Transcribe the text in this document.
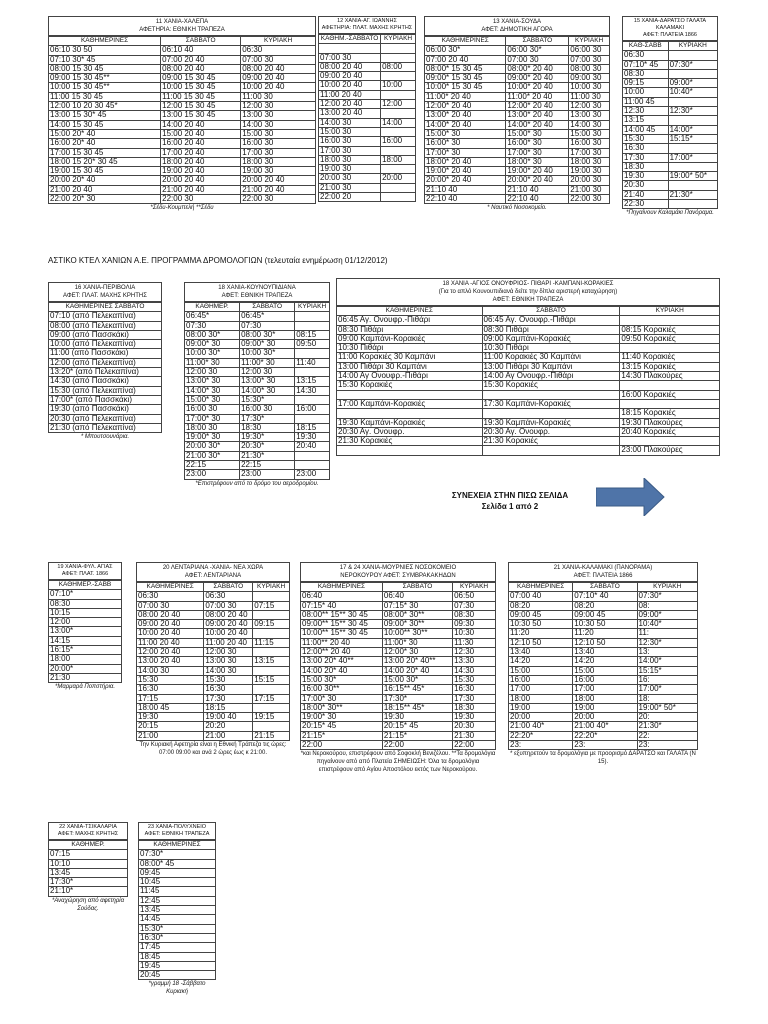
11 ΧΑΝΙΑ-ΧΑΛΕΠΑ
ΑΦΕΤΗΡΙΑ: ΕΘΝΙΚΗ ΤΡΑΠΕΖΑ
ΚΑΘΗΜΕΡΙΝΕΣ	ΣΑΒΒΑΤΟ	ΚΥΡΙΑΚΗ
06:10 30 50	06:10 40	06:30
07:10 30* 45	07:00 20 40	07:00 30
08:00 15 30 45	08:00 20 40	08:00 20 40
09:00 15 30 45**	09:00 15 30 45	09:00 20 40
10:00 15 30 45**	10:00 15 30 45	10:00 20 40
11:00 15 30 45	11:00 15 30 45	11:00 30
12:00 10 20 30 45*	12:00 15 30 45	12:00 30
13:00 15 30* 45	13:00 15 30 45	13:00 30
14:00 15 30 45	14:00 20 40	14:00 30
15:00 20* 40	15:00 20 40	15:00 30
16:00 20* 40	16:00 20 40	16:00 30
17:00 15 30 45	17:00 20 40	17:00 30
18:00 15 20* 30 45	18:00 20 40	18:00 30
19:00 15 30 45	19:00 20 40	19:00 30
20:00 20* 40	20:00 20 40	20:00 20 40
21:00 20 40	21:00 20 40	21:00 20 40
22:00 20* 30	22:00 30	22:00 30
*Σέδυ-Κουμπελή **Σέδυ
12 ΧΑΝΙΑ-ΑΓ. ΙΩΑΝΝΗΣ
ΑΦΕΤΗΡΙΑ: ΠΛΑΤ. ΜΑΧΗΣ ΚΡΗΤΗΣ
ΚΑΘΗΜ.-ΣΑΒΒΑΤΟ	ΚΥΡΙΑΚΗ

07:00 30	
08:00 20 40	08:00
09:00 20 40	
10:00 20 40	10:00
11:00 20 40	
12:00 20 40	12:00
13:00 20 40	
14:00 30	14:00
15:00 30	
16:00 30	16:00
17:00 30	
18:00 30	18:00
19:00 30	
20:00 30	20:00
21:00 30	
22:00 20	
13 ΧΑΝΙΑ-ΣΟΥΔΑ
ΑΦΕΤ: ΔΗΜΟΤΙΚΗ ΑΓΟΡΑ
ΚΑΘΗΜΕΡΙΝΕΣ	ΣΑΒΒΑΤΟ	ΚΥΡΙΑΚΗ
06:00 30*	06:00 30*	06:00 30
07:00 20 40	07:00 30	07:00 30
08:00* 15 30 45	08:00* 20 40	08:00 30
09:00* 15 30 45	09:00* 20 40	09:00 30
10:00* 15 30 45	10:00* 20 40	10:00 30
11:00* 20 40	11:00* 20 40	11:00 30
12:00* 20 40	12:00* 20 40	12:00 30
13:00* 20 40	13:00* 20 40	13:00 30
14:00* 20 40	14:00* 20 40	14:00 30
15:00* 30	15:00* 30	15:00 30
16:00* 30	16:00* 30	16:00 30
17:00* 30	17:00* 30	17:00 30
18:00* 20 40	18:00* 30	18:00 30
19:00* 20 40	19:00* 20 40	19:00 30
20:00* 20 40	20:00* 20 40	20:00 30
21:10 40	21:10 40	21:00 30
22:10 40	22:10 40	22:00 30
* Ναυτικό Νοσοκομείο.
15 ΧΑΝΙΑ-ΔΑΡΑΤΣΟ ΓΑΛΑΤΑ ΚΑΛΑΜΑΚΙ
ΑΦΕΤ: ΠΛΑΤΕΙΑ 1866
ΚΑΘ-ΣΑΒΒ	ΚΥΡΙΑΚΗ
06:30	
07:10* 45	07:30*
08:30	
09:15	09:00*
10:00	10:40*
11:00 45	
12:30	12:30*
13:15	
14:00 45	14:00*
15:30	15:15*
16:30	
17:30	17:00*
18:30	
19:30	19:00* 50*
20:30	
21:40	21:30*
22:30	
*Πηγαίνουν Καλαμάκι Πανόραμα.
ΑΣΤΙΚΟ ΚΤΕΛ ΧΑΝΙΩΝ Α.Ε. ΠΡΟΓΡΑΜΜΑ ΔΡΟΜΟΛΟΓΙΩΝ (τελευταία ενημέρωση 01/12/2012)
16 ΧΑΝΙΑ-ΠΕΡΙΒΟΛΙΑ
ΑΦΕΤ: ΠΛΑΤ. ΜΑΧΗΣ ΚΡΗΤΗΣ
ΚΑΘΗΜΕΡΙΝΕΣ ΣΑΒΒΑΤΟ
07:10 (από Πελεκαπίνα)
08:00 (από Πελεκαπίνα)
09:00 (από Πασσκάκι)
10:00 (από Πελεκαπίνα)
11:00 (από Πασσκάκι)
12:00 (από Πελεκαπίνα)
13:20* (από Πελεκαπίνα)
14:30 (από Πασσκάκι)
15:30 (από Πελεκαπίνα)
17:00* (από Πασσκάκι)
19:30 (από Πασσκάκι)
20:30 (από Πελεκαπίνα)
21:30 (από Πελεκαπίνα)
* Μπουτσουνάρια.
18 ΧΑΝΙΑ-ΚΟΥΝΟΥΠΙΔΙΑΝΑ
ΑΦΕΤ: ΕΘΝΙΚΗ ΤΡΑΠΕΖΑ
ΚΑΘΗΜΕΡ.	ΣΑΒΒΑΤΟ	ΚΥΡΙΑΚΗ
06:45*	06:45*	
07:30	07:30	
08:00 30*	08:00 30*	08:15
09:00* 30	09:00* 30	09:50
10:00 30*	10:00 30*	
11:00* 30	11:00* 30	11:40
12:00 30	12:00 30	
13:00* 30	13:00* 30	13:15
14:00* 30	14:00* 30	14:30
15:00* 30	15:30*	
16:00 30	16:00 30	16:00
17:00* 30	17:30*	
18:00 30	18:30	18:15
19:00* 30	19:30*	19:30
20:00 30*	20:30*	20:40
21:00 30*	21:30*	
22:15	22:15	
23:00	23:00	23:00
*Επιστρέφουν από το δρόμο του αεροδρομίου.
18 ΧΑΝΙΑ -ΑΓΙΟΣ ΟΝΟΥΦΡΙΟΣ- ΠΙΘΑΡΙ -ΚΑΜΠΑΝΙ-ΚΟΡΑΚΙΕΣ
(Για το απλό Κουνουπιδιανά δείτε την δίπλα αριστερή καταχώρηση)
ΑΦΕΤ: ΕΘΝΙΚΗ ΤΡΑΠΕΖΑ
ΚΑΘΗΜΕΡΙΝΕΣ	ΣΑΒΒΑΤΟ	ΚΥΡΙΑΚΗ
06:45 Αγ. Ονουφρ.-Πιθάρι	06:45 Αγ. Ονουφρ.-Πιθάρι	
08:30 Πιθάρι	08:30 Πιθάρι	08:15 Κορακιές
09:00 Καμπάνι-Κορακιές	09:00 Καμπάνι-Κορακιές	09:50 Κορακιές
10:30 Πιθάρι	10:30 Πιθάρι	
11:00 Κορακιές 30 Καμπάνι	11:00 Κορακιές 30 Καμπάνι	11:40 Κορακιές
13:00 Πιθάρι 30 Καμπάνι	13:00 Πιθάρι 30 Καμπάνι	13:15 Κορακιές
14:00 Αγ Ονουφρ.-Πιθάρι	14:00 Αγ Ονουφρ.-Πιθάρι	14:30 Πλακούρες
15:30 Κορακιές	15:30 Κορακιές	
		16:00 Κορακιές
17:00 Καμπάνι-Κορακιές	17:30 Καμπάνι-Κορακιές	
		18:15 Κορακιές
19:30 Καμπάνι-Κορακιές	19:30 Καμπάνι-Κορακιές	19:30 Πλακούρες
20:30 Αγ. Ονουφρ.	20:30 Αγ. Ονουφρ.	20:40 Κορακιές
21:30 Κορακιές	21:30 Κορακιές	
		23:00 Πλακούρες
ΣΥΝΕΧΕΙΑ ΣΤΗΝ ΠΙΣΩ ΣΕΛΙΔΑ
Σελίδα 1 από 2
19 ΧΑΝΙΑ-ΦΥΛ. ΑΓΙΑΣ
ΑΦΕΤ: ΠΛΑΤ. 1866
ΚΑΘΗΜΕΡ.-ΣΑΒΒ
07:10*
08:30
10:15
12:00
13:00*
14:15
16:15*
18:00
20:00*
21:30
*Μαρμαρά Ποπστήρια.
20 ΛΕΝΤΑΡΙΑΝΑ -ΧΑΝΙΑ- ΝΕΑ ΧΩΡΑ
ΑΦΕΤ: ΛΕΝΤΑΡΙΑΝΑ
ΚΑΘΗΜΕΡΙΝΕΣ	ΣΑΒΒΑΤΟ	ΚΥΡΙΑΚΗ
06:30	06:30	
07:00 30	07:00 30	07:15
08:00 20 40	08:00 20 40	
09:00 20 40	09:00 20 40	09:15
10:00 20 40	10:00 20 40	
11:00 20 40	11:00 20 40	11:15
12:00 20 40	12:00 30	
13:00 20 40	13:00 30	13:15
14:00 30	14:00 30	
15:30	15:30	15:15
16:30	16:30	
17:15	17:30	17:15
18:00 45	18:15	
19:30	19:00 40	19:15
20:15	20:20	
21:00	21:00	21:15
Την Κυριακή Αφετηρία είναι η Εθνική Τράπεζα τις ώρες: 07:00 09:00 και ανά 2 ώρες έως κ 21:00.
17 & 24 ΧΑΝΙΑ-ΜΟΥΡΝΙΕΣ ΝΟΣΟΚΟΜΕΙΟ
ΝΕΡΟΚΟΥΡΟΥ ΑΦΕΤ: ΣΥΜΒΡΑΚΑΚΗΔΩΝ
ΚΑΘΗΜΕΡΙΝΕΣ	ΣΑΒΒΑΤΟ	ΚΥΡΙΑΚΗ
06:40	06:40	06:50
07:15* 40	07:15* 30	07:30
08:00** 15** 30 45	08:00* 30**	08:30
09:00** 15** 30 45	09:00* 30**	09:30
10:00** 15** 30 45	10:00** 30**	10:30
11:00** 20 40	11:00* 30	11:30
12:00** 20 40	12:00* 30	12:30
13:00 20* 40**	13:00 20* 40**	13:30
14:00 20* 40	14:00 20* 40	14:30
15:00 30*	15:00 30*	15:30
16:00 30**	16:15** 45*	16:30
17:00* 30	17:30*	17:30
18:00* 30**	18:15** 45*	18:30
19:00* 30	19:30	19:30
20:15* 45	20:15* 45	20:30
21:15*	21:15*	21:30
22:00	22:00	22:00
*και Νεροκούρου, επιστρέφουν από Σοφοκλή Βενιζέλου. **Τα δρομολόγια πηγαίνουν από από Πλατεία ΣΗΜΕΙΩΣΗ: Όλα τα δρομολόγια επιστρέφουν από Αγίου Αποστόλου εκτός των Νεροκούρου.
21 ΧΑΝΙΑ-ΚΑΛΑΜΑΚΙ (ΠΑΝΟΡΑΜΑ)
ΑΦΕΤ: ΠΛΑΤΕΙΑ 1866
ΚΑΘΗΜΕΡΙΝΕΣ	ΣΑΒΒΑΤΟ	ΚΥΡΙΑΚΗ
07:00 40	07:10* 40	07:30*
08:20	08:20	08:
09:00 45	09:00 45	09:00*
10:30 50	10:30 50	10:40*
11:20	11:20	11:
12:10 50	12:10 50	12:30*
13:40	13:40	13:
14:20	14:20	14:00*
15:00	15:00	15:15*
16:00	16:00	16:
17:00	17:00	17:00*
18:00	18:00	18:
19:00	19:00	19:00* 50*
20:00	20:00	20:
21:00 40*	21:00 40*	21:30*
22:20*	22:20*	22:
23:	23:	23:
* εξυπηρετούν τα δρομολόγια με προορισμό ΔΑΡΑΤΣΟ και ΓΑΛΑΤΑ (Ν 15).
22 ΧΑΝΙΑ-ΤΣΙΚΑΛΑΡΙΑ ΑΦΕΤ: ΜΑΧΗΣ ΚΡΗΤΗΣ
ΚΑΘΗΜΕΡ.
07:15
10:10
13:45
17:30*
21:10*
*Αναχώρηση από αφετηρία Σούδας.
23 ΧΑΝΙΑ-ΠΟΛΥΧΝΕΙΟ
ΑΦΕΤ: ΕΘΝΙΚΗ ΤΡΑΠΕΖΑ
ΚΑΘΗΜΕΡΙΝΕΣ
07:30*
08:00* 45
09:45
10:45
11:45
12:45
13:45
14:45
15:30*
16:30*
17:45
18:45
19:45
20:45
*γραμμή 18 -Σάββατο Κυριακή
